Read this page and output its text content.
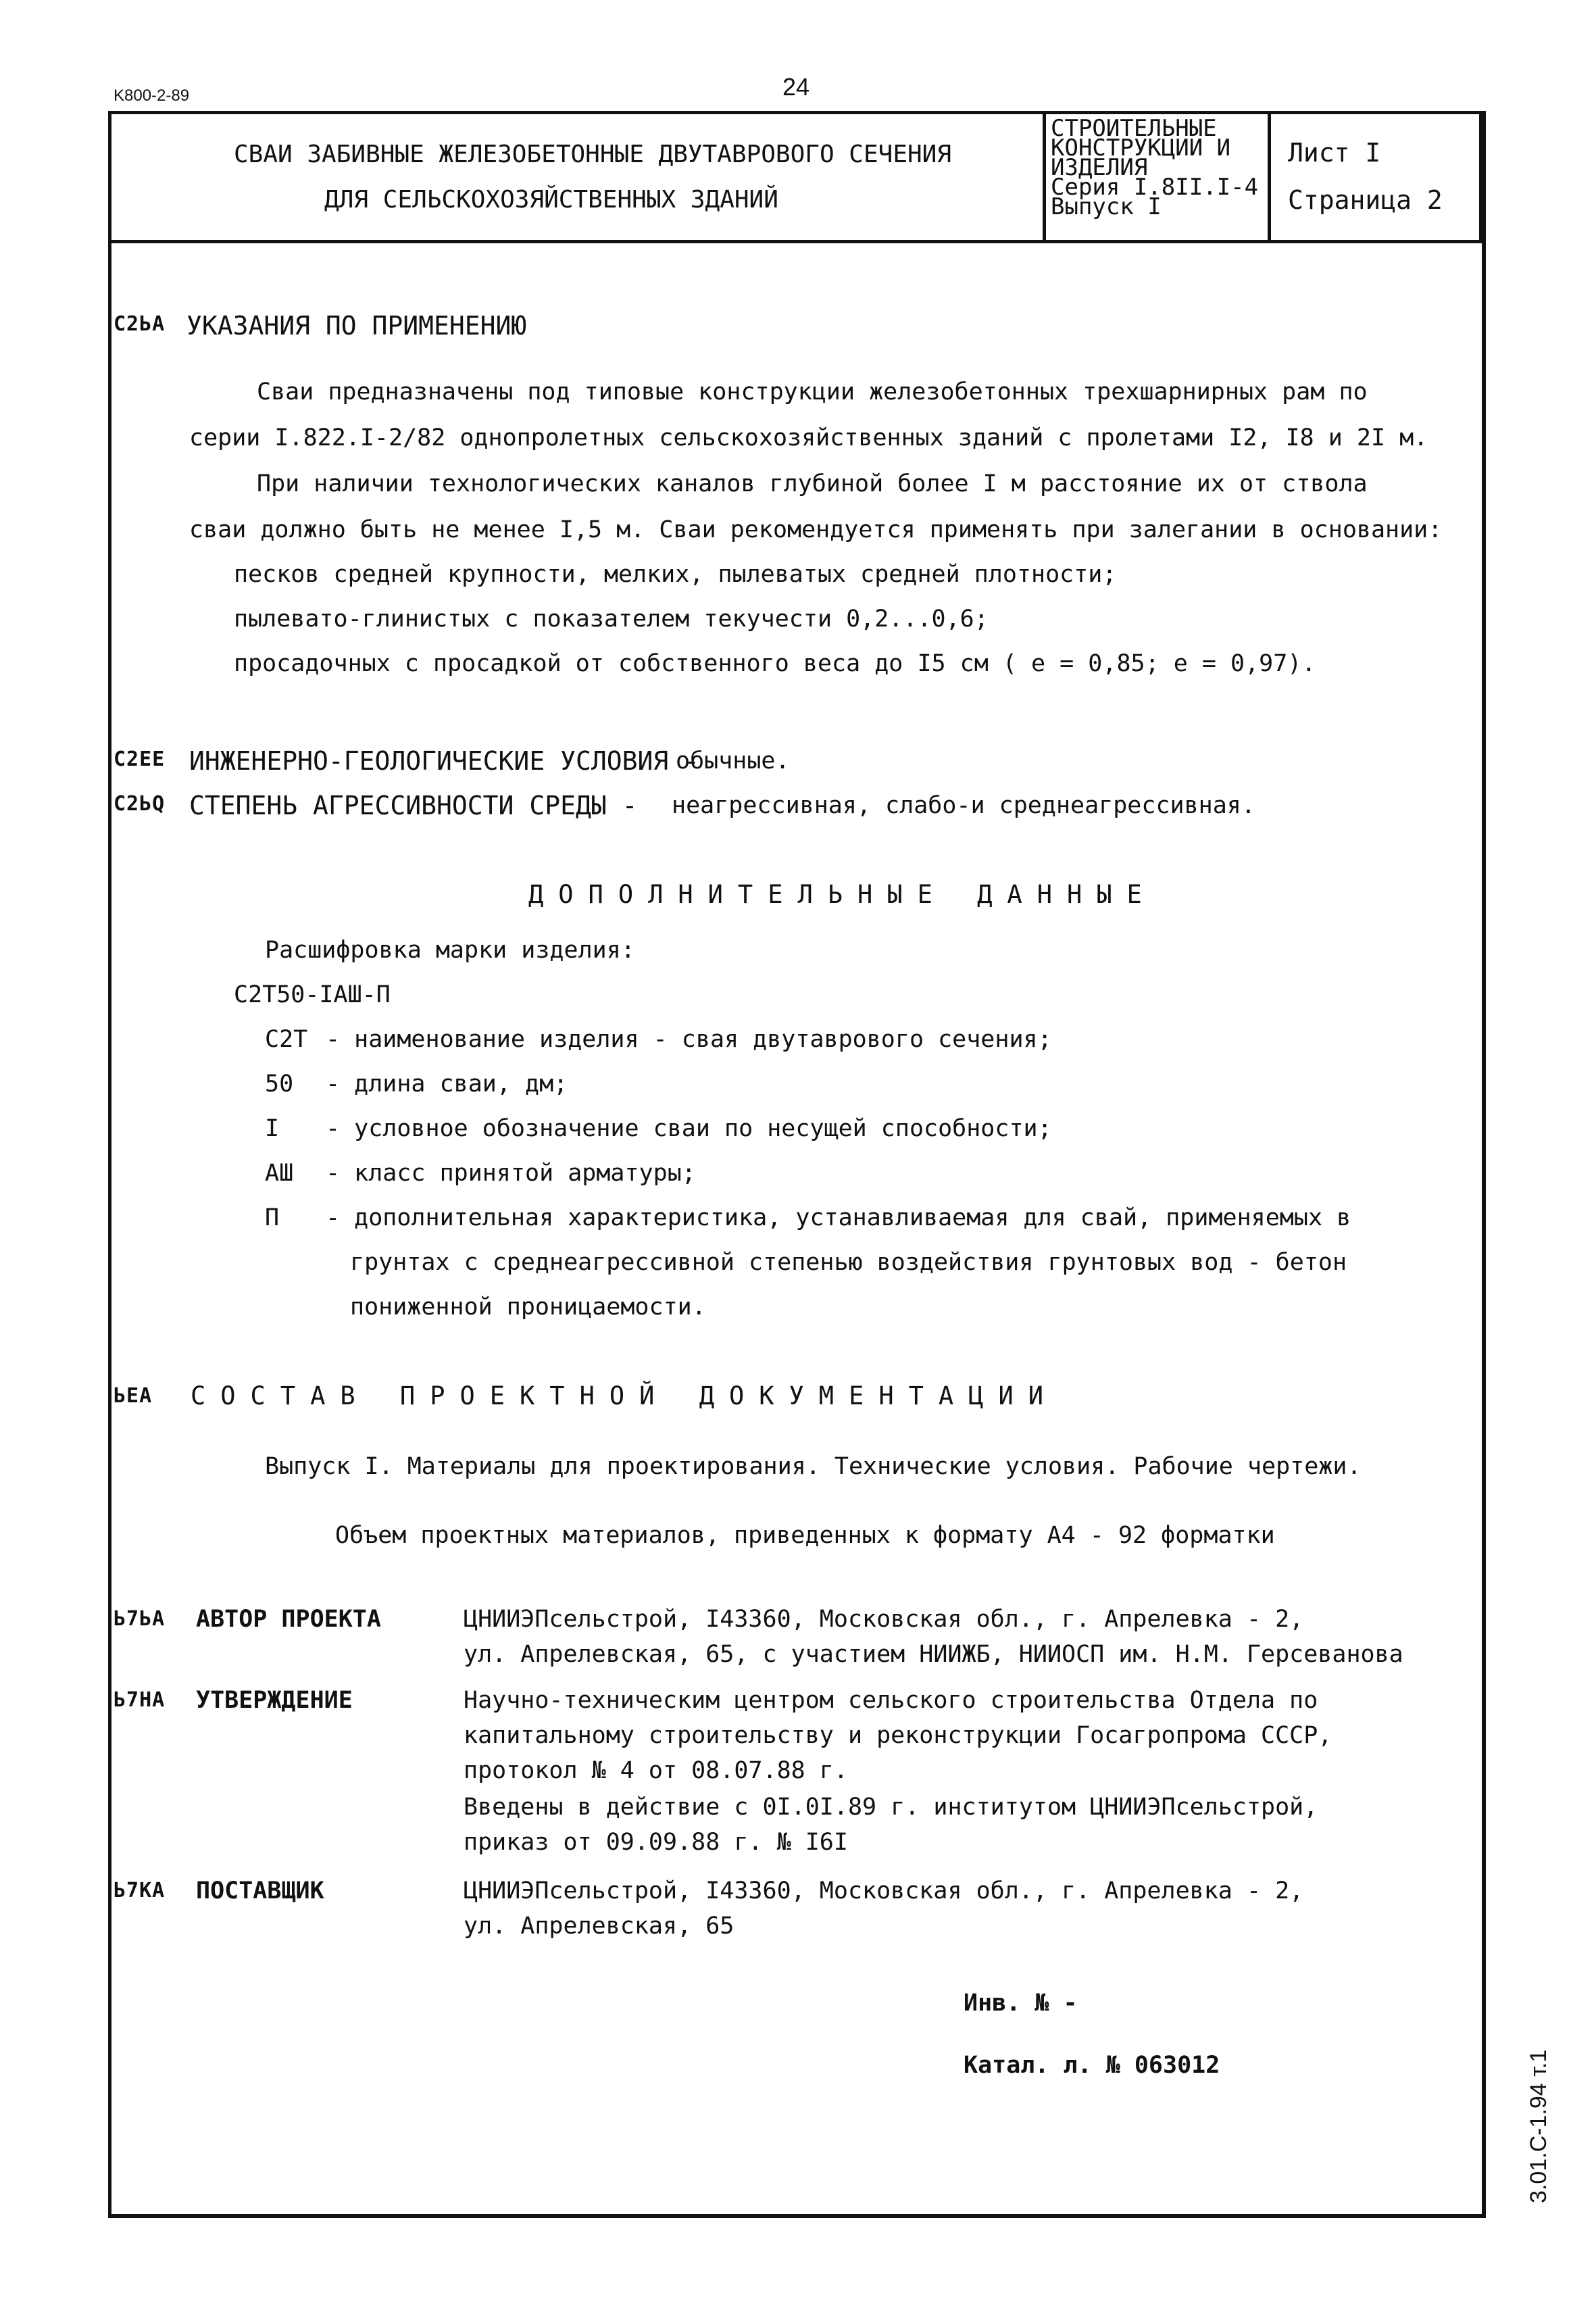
K800-2-89	24
СВАИ ЗАБИВНЫЕ ЖЕЛЕЗОБЕТОННЫЕ ДВУТАВРОВОГО СЕЧЕНИЯ
ДЛЯ СЕЛЬСКОХОЗЯЙСТВЕННЫХ ЗДАНИЙ
СТРОИТЕЛЬНЫЕ
КОНСТРУКЦИИ И
ИЗДЕЛИЯ
Серия I.8II.I-4
Выпуск I
Лист I
Страница 2
С2ЬА УКАЗАНИЯ ПО ПРИМЕНЕНИЮ
Сваи предназначены под типовые конструкции железобетонных трехшарнирных рам по
серии I.822.I-2/82 однопролетных сельскохозяйственных зданий с пролетами I2, I8 и 2I м.
При наличии технологических каналов глубиной более I м расстояние их от ствола
сваи должно быть не менее I,5 м. Сваи рекомендуется применять при залегании в основании:
песков средней крупности, мелких, пылеватых средней плотности;
пылевато-глинистых с показателем текучести 0,2...0,6;
просадочных с просадкой от собственного веса до I5 см ( e = 0,85; e = 0,97).
С2ЕЕ ИНЖЕНЕРНО-ГЕОЛОГИЧЕСКИЕ УСЛОВИЯ -
обычные.
С2ЬQ СТЕПЕНЬ АГРЕССИВНОСТИ СРЕДЫ - неагрессивная, слабо-и среднеагрессивная.
ДОПОЛНИТЕЛЬНЫЕ ДАННЫЕ
Расшифровка марки изделия:
С2Т50-IАШ-П
С2Т - наименование изделия - свая двутаврового сечения;
50 - длина сваи, дм;
I - условное обозначение сваи по несущей способности;
АШ - класс принятой арматуры;
П - дополнительная характеристика, устанавливаемая для свай, применяемых в
грунтах с среднеагрессивной степенью воздействия грунтовых вод - бетон
пониженной проницаемости.
ЬЕА СОСТАВ ПРОЕКТНОЙ ДОКУМЕНТАЦИИ
Выпуск I. Материалы для проектирования. Технические условия. Рабочие чертежи.
Объем проектных материалов, приведенных к формату А4 - 92 форматки
Ь7ЬА АВТОР ПРОЕКТА	ЦНИИЭПсельстрой, I43360, Московская обл., г. Апрелевка - 2,
ул. Апрелевская, 65, с участием НИИЖБ, НИИОСП им. Н.М. Герсеванова
Ь7НА УТВЕРЖДЕНИЕ	Научно-техническим центром сельского строительства Отдела по
капитальному строительству и реконструкции Госагропрома СССР,
протокол № 4 от 08.07.88 г.
Введены в действие с 0I.0I.89 г. институтом ЦНИИЭПсельстрой,
приказ от 09.09.88 г. № I6I
Ь7КА ПОСТАВЩИК	ЦНИИЭПсельстрой, I43360, Московская обл., г. Апрелевка - 2,
ул. Апрелевская, 65
Инв. № -
Катал. л. № 063012	3.01.С-1.94 т.1
